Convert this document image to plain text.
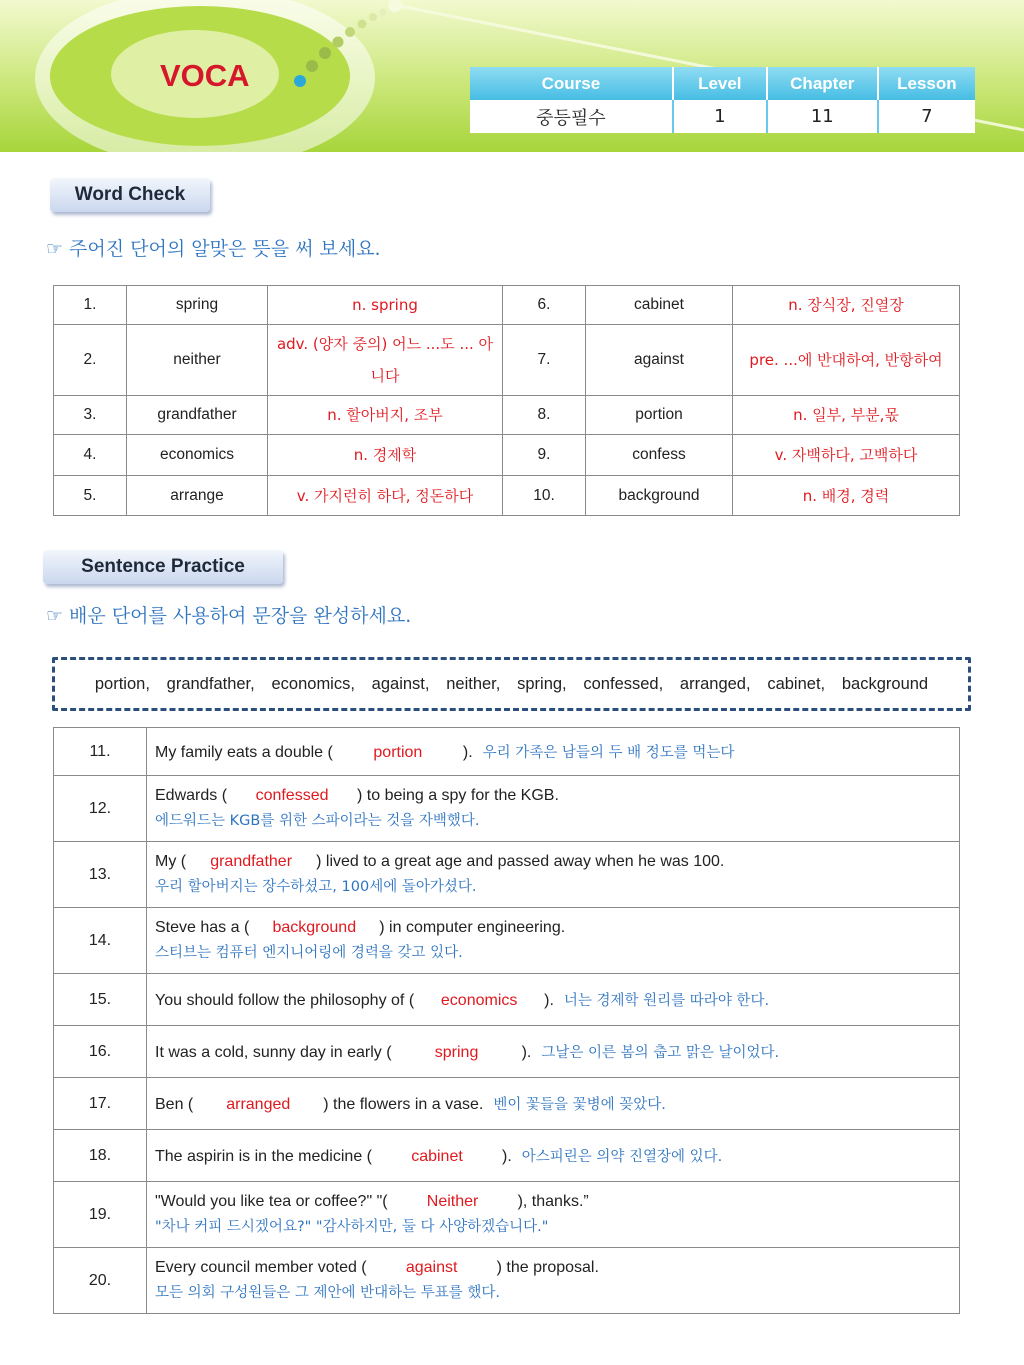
VOCA	Course	Level	Chapter	Lesson
중등필수	1	11	7
Word Check
☞ 주어진 단어의 알맞은 뜻을 써 보세요.
1.	spring	n. spring	6.	cabinet	n. 장식장, 진열장
2.	neither	adv. (양자 중의) 어느 ...도 ... 아니다	7.	against	pre. ...에 반대하여, 반항하여
3.	grandfather	n. 할아버지, 조부	8.	portion	n. 일부, 부분,몫
4.	economics	n. 경제학	9.	confess	v. 자백하다, 고백하다
5.	arrange	v. 가지런히 하다, 정돈하다	10.	background	n. 배경, 경력
Sentence Practice
☞ 배운 단어를 사용하여 문장을 완성하세요.
portion,   grandfather,   economics,   against,   neither,   spring,   confessed,   arranged,   cabinet,   background
11.	My family eats a double ( portion ). 우리 가족은 남들의 두 배 정도를 먹는다

12.	Edwards ( confessed ) to being a spy for the KGB.
에드워드는 KGB를 위한 스파이라는 것을 자백했다.

13.	My ( grandfather ) lived to a great age and passed away when he was 100.
우리 할아버지는 장수하셨고, 100세에 돌아가셨다.

14.	Steve has a ( background ) in computer engineering.
스티브는 컴퓨터 엔지니어링에 경력을 갖고 있다.

15.	You should follow the philosophy of ( economics ). 너는 경제학 원리를 따라야 한다.

16.	It was a cold, sunny day in early ( spring ). 그날은 이른 봄의 춥고 맑은 날이었다.

17.	Ben ( arranged ) the flowers in a vase. 벤이 꽃들을 꽃병에 꽂았다.

18.	The aspirin is in the medicine ( cabinet ). 아스피린은 의약 진열장에 있다.

19.	"Would you like tea or coffee?" "( Neither ), thanks.”
"차나 커피 드시겠어요?" "감사하지만, 둘 다 사양하겠습니다."

20.	Every council member voted ( against ) the proposal.
모든 의회 구성원들은 그 제안에 반대하는 투표를 했다.
